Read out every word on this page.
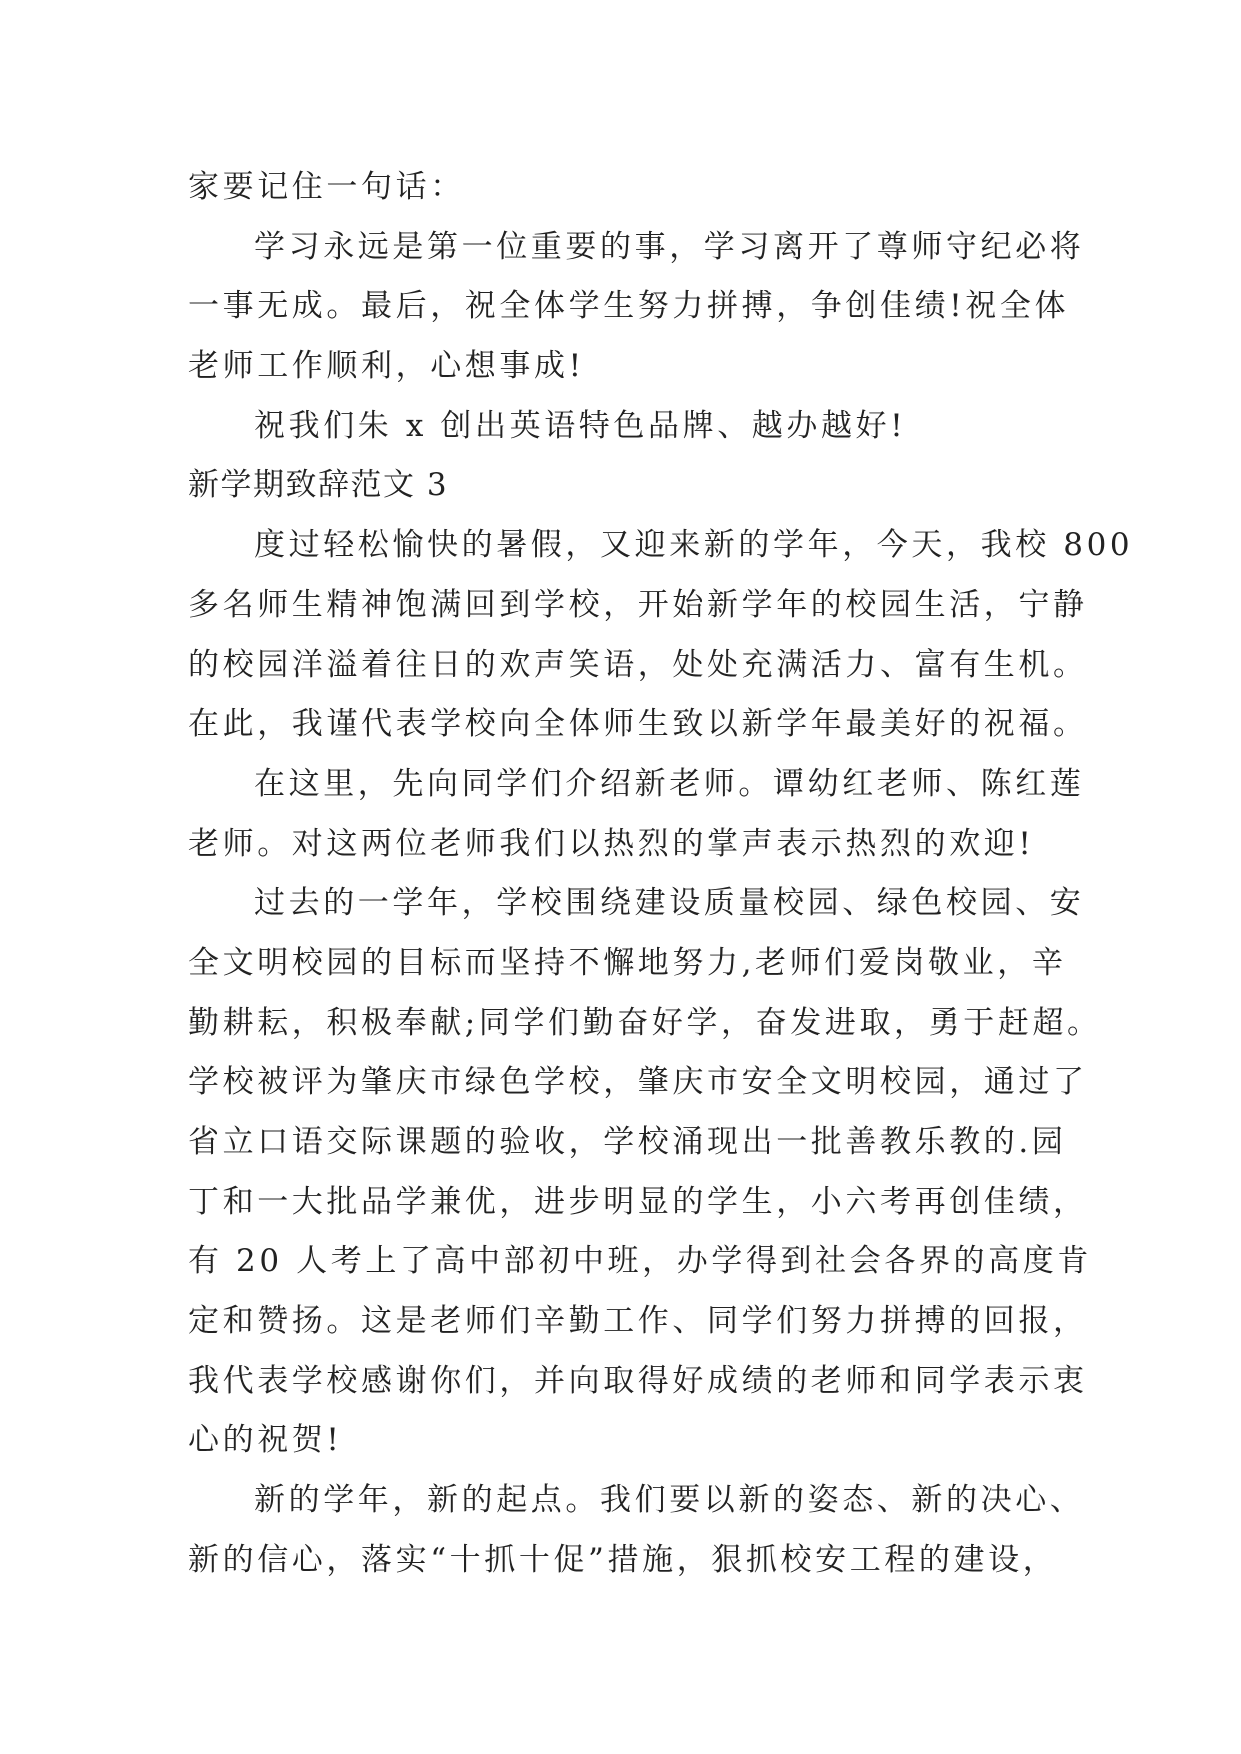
家要记住一句话：
学习永远是第一位重要的事，学习离开了尊师守纪必将
一事无成。最后，祝全体学生努力拼搏，争创佳绩!祝全体
老师工作顺利，心想事成!
祝我们朱 x 创出英语特色品牌、越办越好!
新学期致辞范文 3
度过轻松愉快的暑假，又迎来新的学年，今天，我校 800
多名师生精神饱满回到学校，开始新学年的校园生活，宁静
的校园洋溢着往日的欢声笑语，处处充满活力、富有生机。
在此，我谨代表学校向全体师生致以新学年最美好的祝福。
在这里，先向同学们介绍新老师。谭幼红老师、陈红莲
老师。对这两位老师我们以热烈的掌声表示热烈的欢迎!
过去的一学年，学校围绕建设质量校园、绿色校园、安
全文明校园的目标而坚持不懈地努力,老师们爱岗敬业，辛
勤耕耘，积极奉献;同学们勤奋好学，奋发进取，勇于赶超。
学校被评为肇庆市绿色学校，肇庆市安全文明校园，通过了
省立口语交际课题的验收，学校涌现出一批善教乐教的.园
丁和一大批品学兼优，进步明显的学生，小六考再创佳绩，
有 20 人考上了高中部初中班，办学得到社会各界的高度肯
定和赞扬。这是老师们辛勤工作、同学们努力拼搏的回报，
我代表学校感谢你们，并向取得好成绩的老师和同学表示衷
心的祝贺!
新的学年，新的起点。我们要以新的姿态、新的决心、
新的信心，落实“十抓十促”措施，狠抓校安工程的建设，
